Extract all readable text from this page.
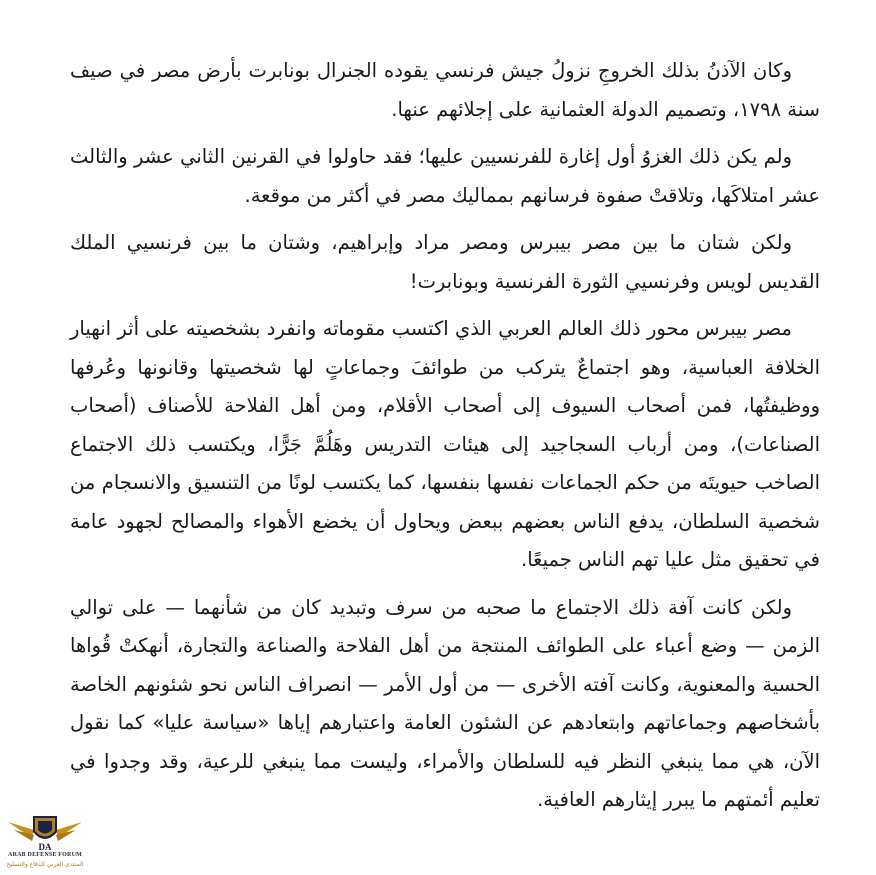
وكان الآذنُ بذلك الخروجِ نزولُ جيش فرنسي يقوده الجنرال بونابرت بأرض مصر في صيف سنة ١٧٩٨، وتصميم الدولة العثمانية على إجلائهم عنها.

ولم يكن ذلك الغزوُ أول إغارة للفرنسيين عليها؛ فقد حاولوا في القرنين الثاني عشر والثالث عشر امتلاكَها، وتلاقتْ صفوة فرسانهم بمماليك مصر في أكثر من موقعة.

ولكن شتان ما بين مصر بيبرس ومصر مراد وإبراهيم، وشتان ما بين فرنسيي الملك القديس لويس وفرنسيي الثورة الفرنسية وبونابرت!

مصر بيبرس محور ذلك العالم العربي الذي اكتسب مقوماته وانفرد بشخصيته على أثر انهيار الخلافة العباسية، وهو اجتماعٌ يتركب من طوائفَ وجماعاتٍ لها شخصيتها وقانونها وعُرفها ووظيفتُها، فمن أصحاب السيوف إلى أصحاب الأقلام، ومن أهل الفلاحة للأصناف (أصحاب الصناعات)، ومن أرباب السجاجيد إلى هيئات التدريس وهَلُمَّ جَرًّا، ويكتسب ذلك الاجتماع الصاخب حيويتَه من حكم الجماعات نفسها بنفسها، كما يكتسب لونًا من التنسيق والانسجام من شخصية السلطان، يدفع الناس بعضهم ببعض ويحاول أن يخضع الأهواء والمصالح لجهود عامة في تحقيق مثل عليا تهم الناس جميعًا.

ولكن كانت آفة ذلك الاجتماع ما صحبه من سرف وتبديد كان من شأنهما — على توالي الزمن — وضع أعباء على الطوائف المنتجة من أهل الفلاحة والصناعة والتجارة، أنهكتْ قُواها الحسية والمعنوية، وكانت آفته الأخرى — من أول الأمر — انصراف الناس نحو شئونهم الخاصة بأشخاصهم وجماعاتهم وابتعادهم عن الشئون العامة واعتبارهم إياها «سياسة عليا» كما نقول الآن، هي مما ينبغي النظر فيه للسلطان والأمراء، وليست مما ينبغي للرعية، وقد وجدوا في تعليم أئمتهم ما يبرر إيثارهم العافية.

DA
ARAB DEFENSE FORUM
المنتدى العربي للدفاع والتسليح
